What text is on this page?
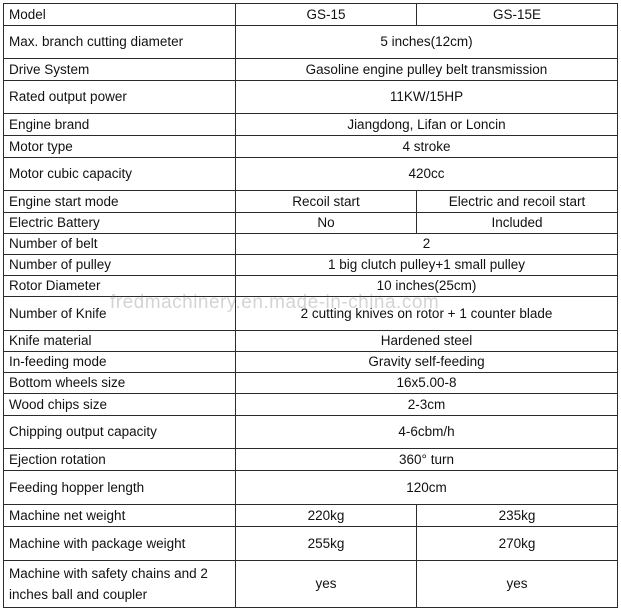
Model	GS-15	GS-15E
Max. branch cutting diameter	5 inches(12cm)	
Drive System	Gasoline engine pulley belt transmission	
Rated output power	11KW/15HP	
Engine brand	Jiangdong, Lifan or Loncin	
Motor type	4 stroke	
Motor cubic capacity	420cc	
Engine start mode	Recoil start	Electric and recoil start
Electric Battery	No	Included
Number of belt	2	
Number of pulley	1 big clutch pulley+1 small pulley	
Rotor Diameter	10 inches(25cm)	
Number of Knife	2 cutting knives on rotor + 1 counter blade	
Knife material	Hardened steel	
In-feeding mode	Gravity self-feeding	
Bottom wheels size	16x5.00-8	
Wood chips size	2-3cm	
Chipping output capacity	4-6cbm/h	
Ejection rotation	360° turn	
Feeding hopper length	120cm	
Machine net weight	220kg	235kg
Machine with package weight	255kg	270kg
Machine with safety chains and 2 inches ball and coupler	yes	yes
fredmachinery.en.made-in-china.com
